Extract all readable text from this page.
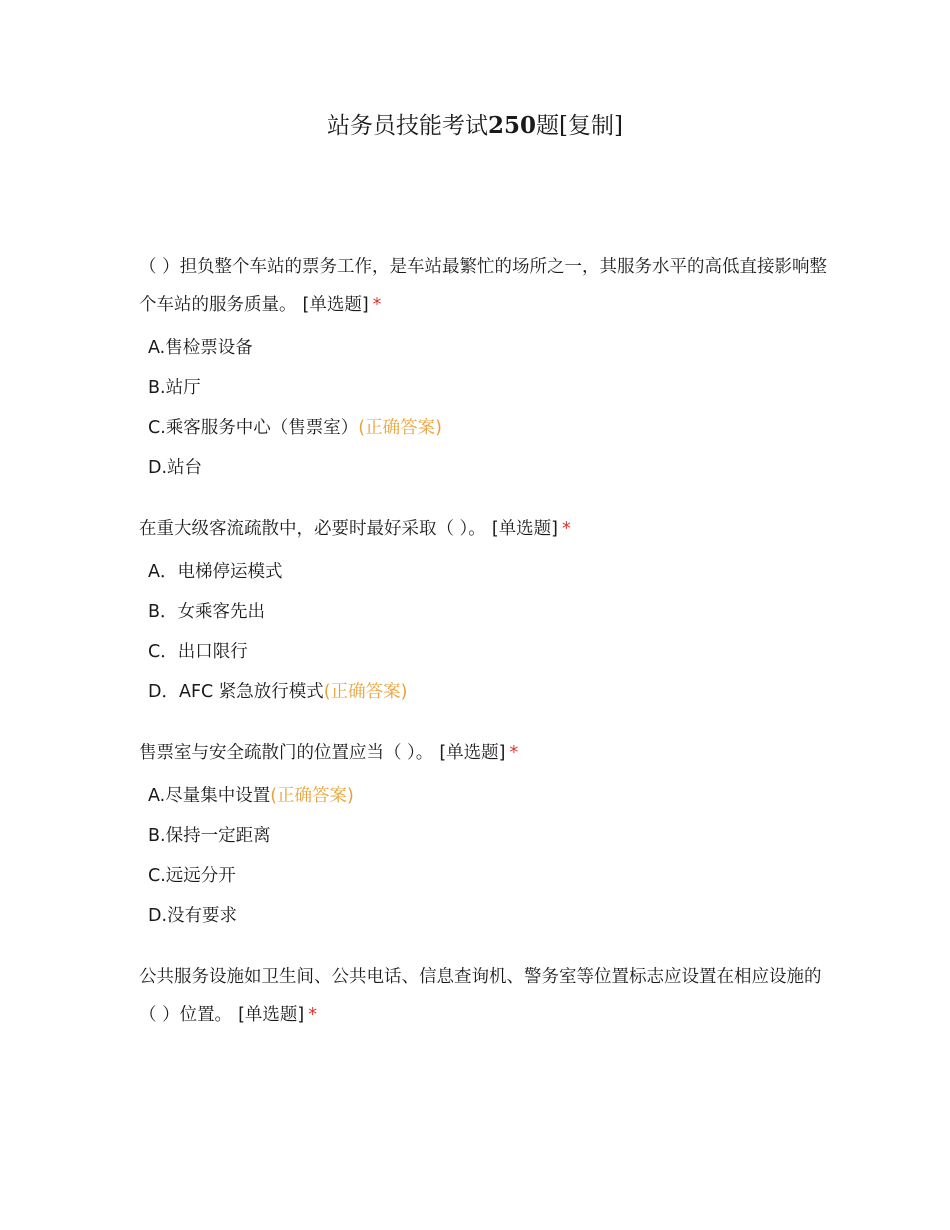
站务员技能考试250题[复制]

（ ）担负整个车站的票务工作，是车站最繁忙的场所之一，其服务水平的高低直接影响整个车站的服务质量。 [单选题] *

A.售检票设备
B.站厅
C.乘客服务中心（售票室）(正确答案)
D.站台

在重大级客流疏散中，必要时最好采取（ ）。 [单选题] *

A．电梯停运模式
B．女乘客先出
C．出口限行
D．AFC 紧急放行模式(正确答案)

售票室与安全疏散门的位置应当（ ）。 [单选题] *

A.尽量集中设置(正确答案)
B.保持一定距离
C.远远分开
D.没有要求

公共服务设施如卫生间、公共电话、信息查询机、警务室等位置标志应设置在相应设施的（ ）位置。 [单选题] *
